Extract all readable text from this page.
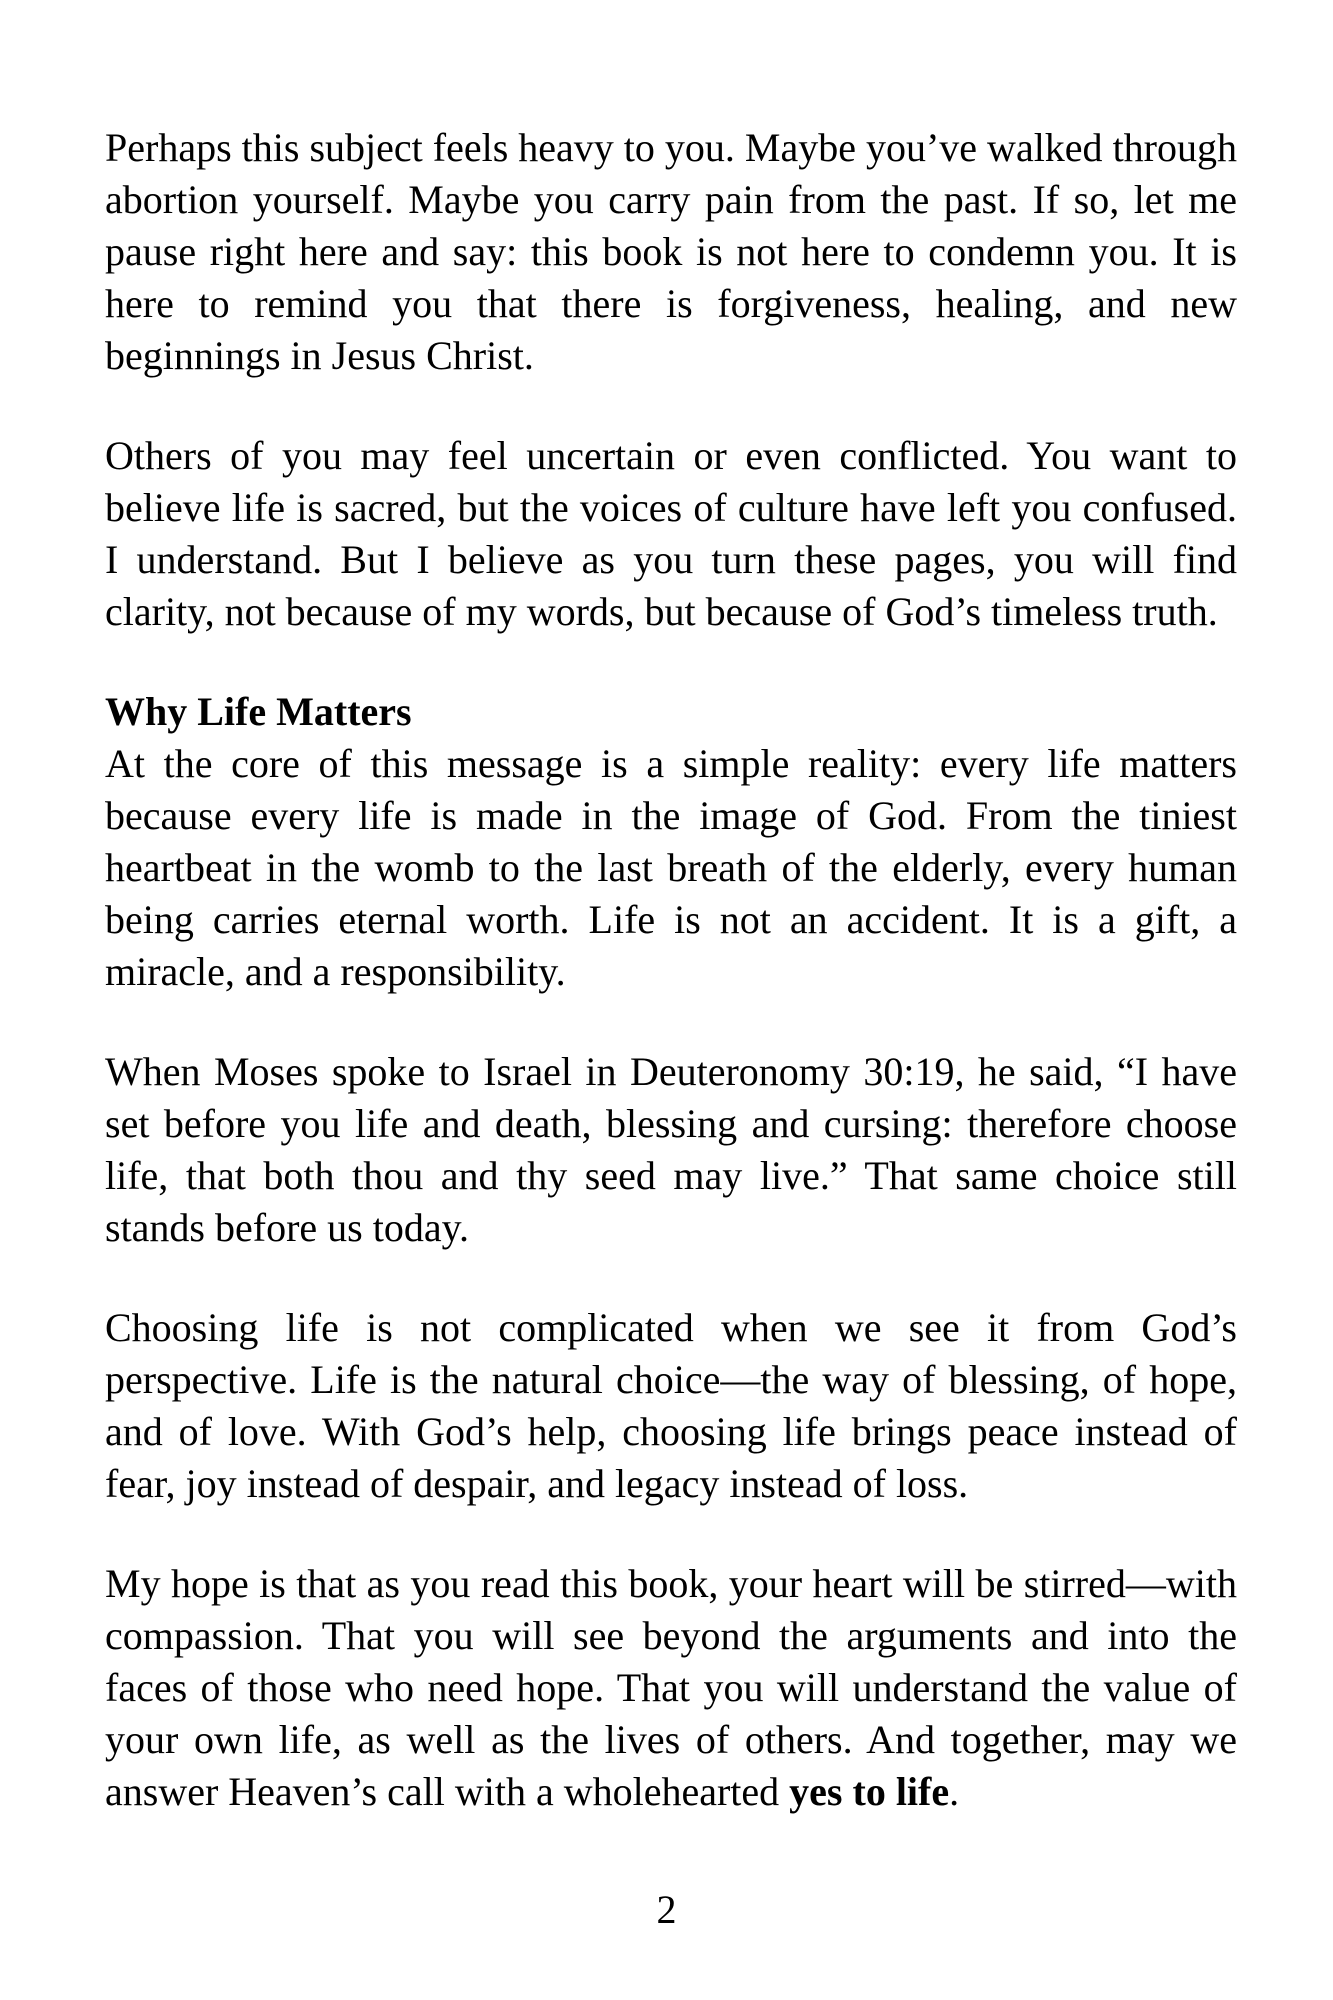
Perhaps this subject feels heavy to you. Maybe you’ve walked through abortion yourself. Maybe you carry pain from the past. If so, let me pause right here and say: this book is not here to condemn you. It is here to remind you that there is forgiveness, healing, and new beginnings in Jesus Christ.

Others of you may feel uncertain or even conflicted. You want to believe life is sacred, but the voices of culture have left you confused. I understand. But I believe as you turn these pages, you will find clarity, not because of my words, but because of God’s timeless truth.

Why Life Matters

At the core of this message is a simple reality: every life matters because every life is made in the image of God. From the tiniest heartbeat in the womb to the last breath of the elderly, every human being carries eternal worth. Life is not an accident. It is a gift, a miracle, and a responsibility.

When Moses spoke to Israel in Deuteronomy 30:19, he said, “I have set before you life and death, blessing and cursing: therefore choose life, that both thou and thy seed may live.” That same choice still stands before us today.

Choosing life is not complicated when we see it from God’s perspective. Life is the natural choice—the way of blessing, of hope, and of love. With God’s help, choosing life brings peace instead of fear, joy instead of despair, and legacy instead of loss.

My hope is that as you read this book, your heart will be stirred—with compassion. That you will see beyond the arguments and into the faces of those who need hope. That you will understand the value of your own life, as well as the lives of others. And together, may we answer Heaven’s call with a wholehearted yes to life.

2
